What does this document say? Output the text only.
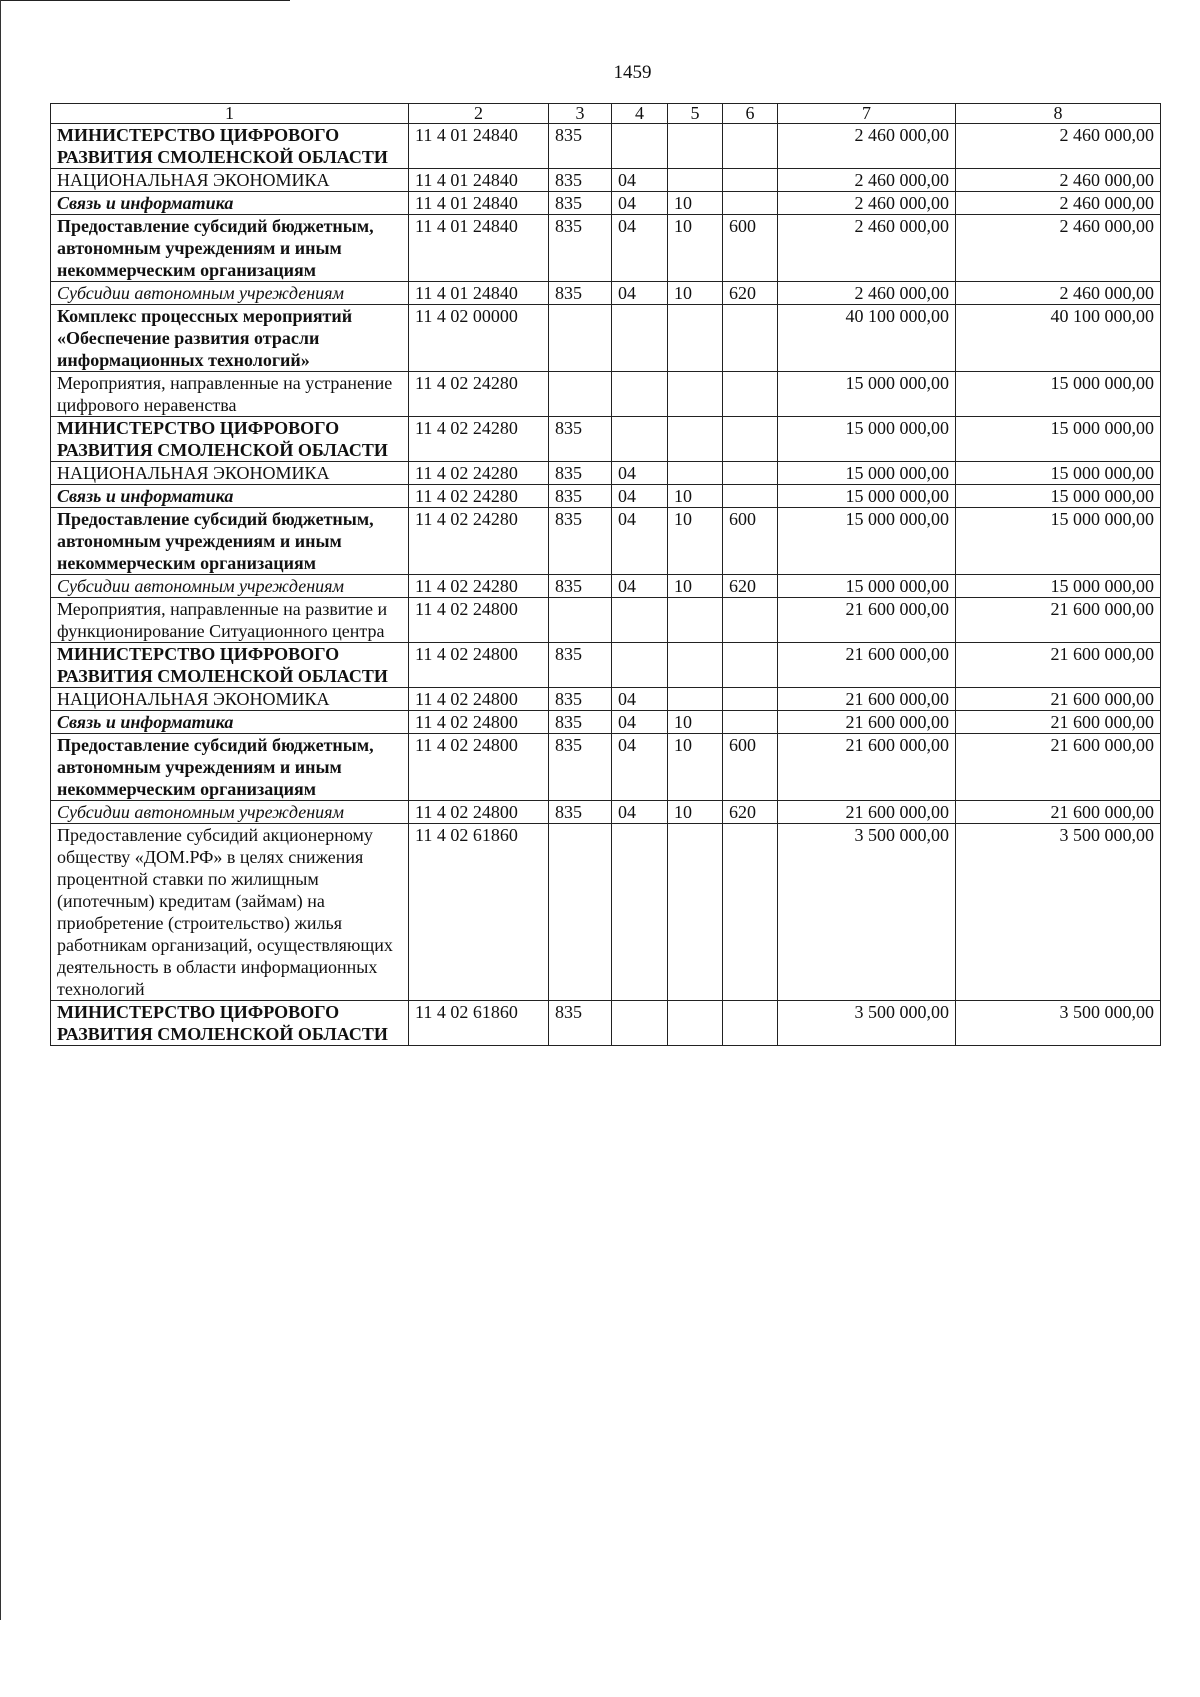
1459
1	2	3	4	5	6	7	8
МИНИСТЕРСТВО ЦИФРОВОГО РАЗВИТИЯ СМОЛЕНСКОЙ ОБЛАСТИ	11 4 01 24840	835				2 460 000,00	2 460 000,00
НАЦИОНАЛЬНАЯ ЭКОНОМИКА	11 4 01 24840	835	04			2 460 000,00	2 460 000,00
Связь и информатика	11 4 01 24840	835	04	10		2 460 000,00	2 460 000,00
Предоставление субсидий бюджетным, автономным учреждениям и иным некоммерческим организациям	11 4 01 24840	835	04	10	600	2 460 000,00	2 460 000,00
Субсидии автономным учреждениям	11 4 01 24840	835	04	10	620	2 460 000,00	2 460 000,00
Комплекс процессных мероприятий «Обеспечение развития отрасли информационных технологий»	11 4 02 00000					40 100 000,00	40 100 000,00
Мероприятия, направленные на устранение цифрового неравенства	11 4 02 24280					15 000 000,00	15 000 000,00
МИНИСТЕРСТВО ЦИФРОВОГО РАЗВИТИЯ СМОЛЕНСКОЙ ОБЛАСТИ	11 4 02 24280	835				15 000 000,00	15 000 000,00
НАЦИОНАЛЬНАЯ ЭКОНОМИКА	11 4 02 24280	835	04			15 000 000,00	15 000 000,00
Связь и информатика	11 4 02 24280	835	04	10		15 000 000,00	15 000 000,00
Предоставление субсидий бюджетным, автономным учреждениям и иным некоммерческим организациям	11 4 02 24280	835	04	10	600	15 000 000,00	15 000 000,00
Субсидии автономным учреждениям	11 4 02 24280	835	04	10	620	15 000 000,00	15 000 000,00
Мероприятия, направленные на развитие и функционирование Ситуационного центра	11 4 02 24800					21 600 000,00	21 600 000,00
МИНИСТЕРСТВО ЦИФРОВОГО РАЗВИТИЯ СМОЛЕНСКОЙ ОБЛАСТИ	11 4 02 24800	835				21 600 000,00	21 600 000,00
НАЦИОНАЛЬНАЯ ЭКОНОМИКА	11 4 02 24800	835	04			21 600 000,00	21 600 000,00
Связь и информатика	11 4 02 24800	835	04	10		21 600 000,00	21 600 000,00
Предоставление субсидий бюджетным, автономным учреждениям и иным некоммерческим организациям	11 4 02 24800	835	04	10	600	21 600 000,00	21 600 000,00
Субсидии автономным учреждениям	11 4 02 24800	835	04	10	620	21 600 000,00	21 600 000,00
Предоставление субсидий акционерному обществу «ДОМ.РФ» в целях снижения процентной ставки по жилищным (ипотечным) кредитам (займам) на приобретение (строительство) жилья работникам организаций, осуществляющих деятельность в области информационных технологий	11 4 02 61860					3 500 000,00	3 500 000,00
МИНИСТЕРСТВО ЦИФРОВОГО РАЗВИТИЯ СМОЛЕНСКОЙ ОБЛАСТИ	11 4 02 61860	835				3 500 000,00	3 500 000,00
